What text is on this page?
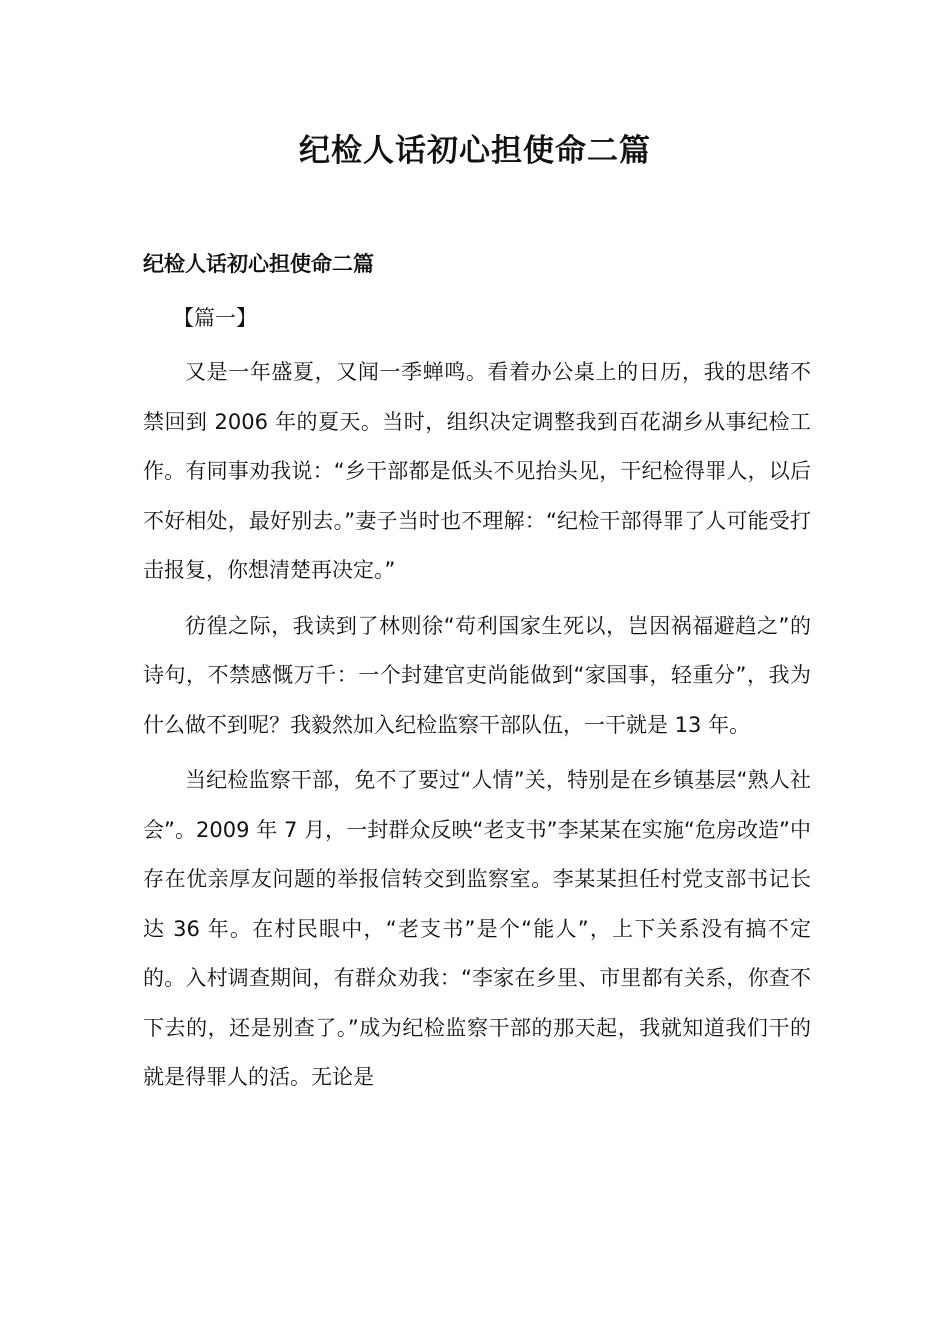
纪检人话初心担使命二篇

纪检人话初心担使命二篇

【篇一】

又是一年盛夏，又闻一季蝉鸣。看着办公桌上的日历，我的思绪不禁回到 2006 年的夏天。当时，组织决定调整我到百花湖乡从事纪检工作。有同事劝我说：“乡干部都是低头不见抬头见，干纪检得罪人，以后不好相处，最好别去。”妻子当时也不理解：“纪检干部得罪了人可能受打击报复，你想清楚再决定。”

彷徨之际，我读到了林则徐“苟利国家生死以，岂因祸福避趋之”的诗句，不禁感慨万千：一个封建官吏尚能做到“家国事，轻重分”，我为什么做不到呢？我毅然加入纪检监察干部队伍，一干就是 13 年。

当纪检监察干部，免不了要过“人情”关，特别是在乡镇基层“熟人社会”。2009 年 7 月，一封群众反映“老支书”李某某在实施“危房改造”中存在优亲厚友问题的举报信转交到监察室。李某某担任村党支部书记长达 36 年。在村民眼中，“老支书”是个“能人”，上下关系没有搞不定的。入村调查期间，有群众劝我：“李家在乡里、市里都有关系，你查不下去的，还是别查了。”成为纪检监察干部的那天起，我就知道我们干的就是得罪人的活。无论是
